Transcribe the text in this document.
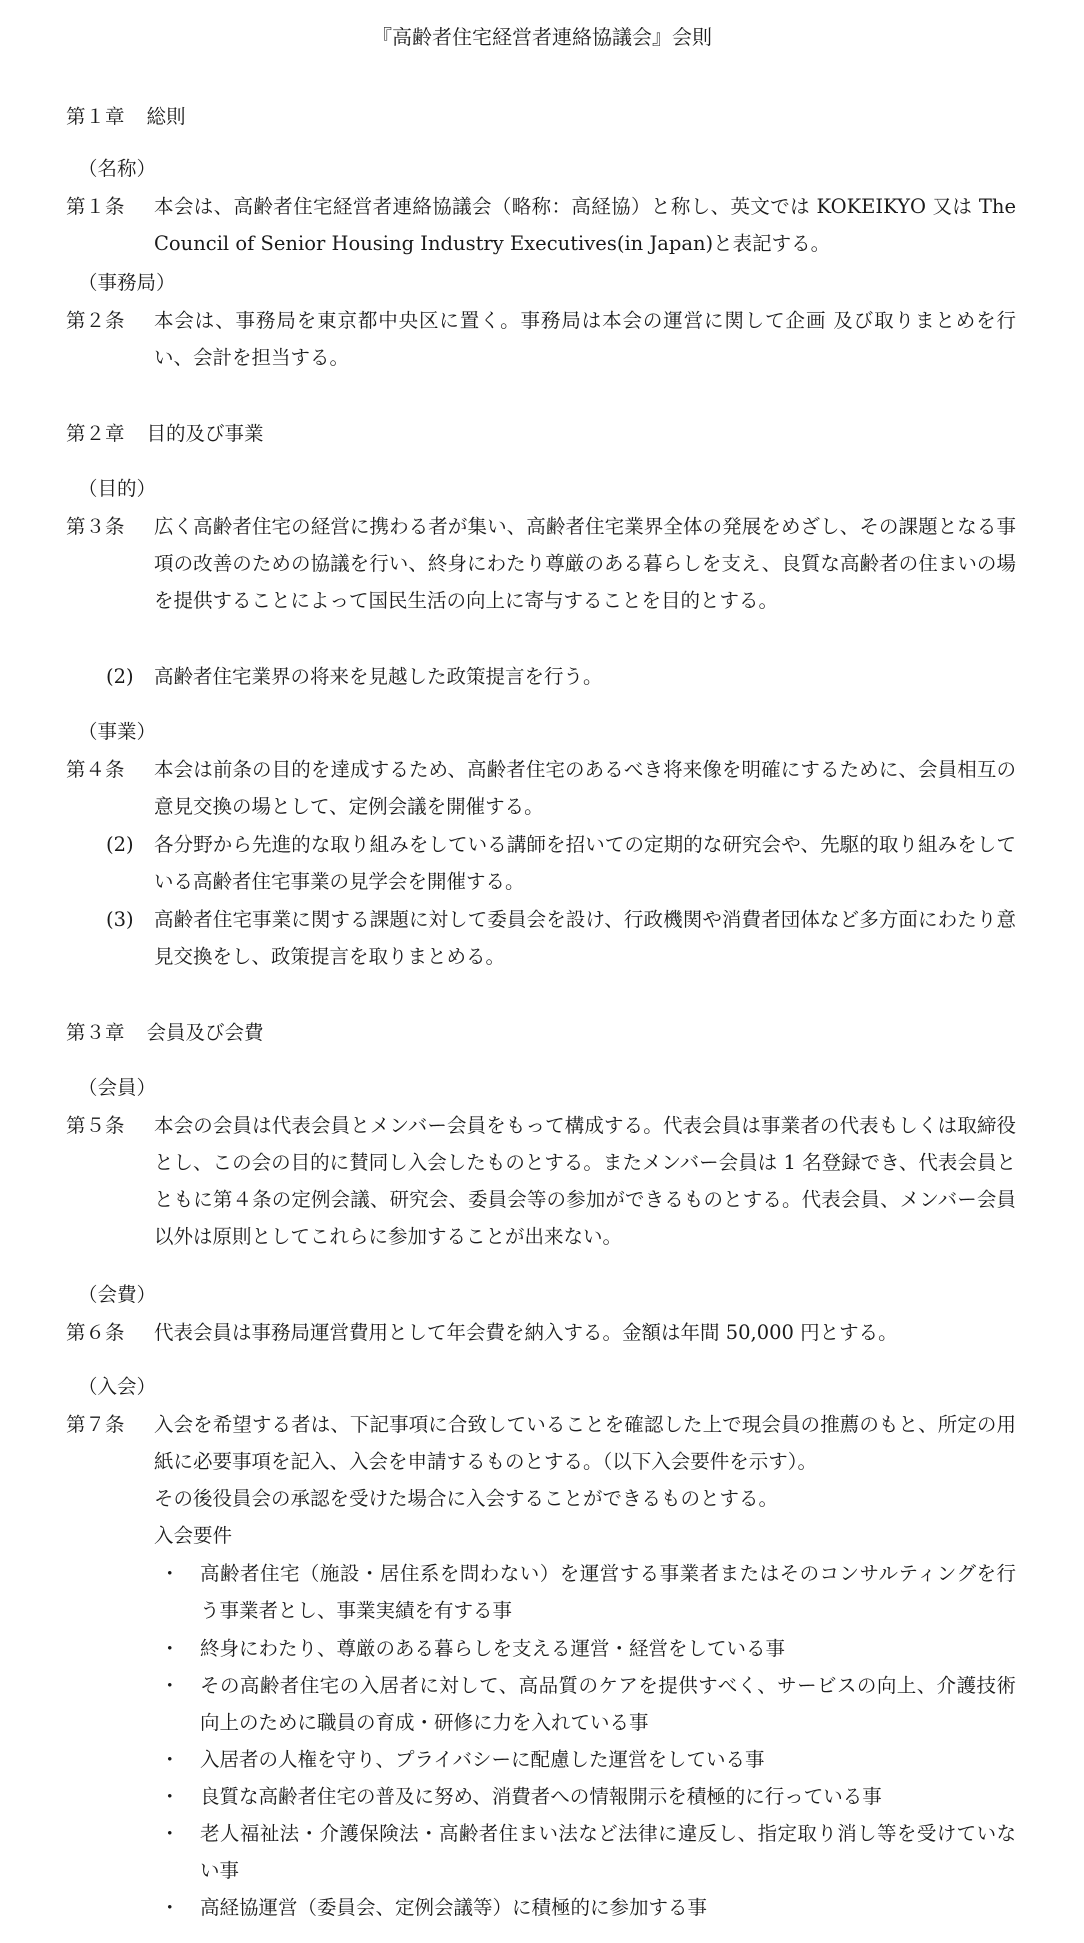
『高齢者住宅経営者連絡協議会』会則
第１章 総則
（名称）
第１条	本会は、高齢者住宅経営者連絡協議会（略称：高経協）と称し、英文では KOKEIKYO 又は The Council of Senior Housing Industry Executives(in Japan)と表記する。
（事務局）
第２条	本会は、事務局を東京都中央区に置く。事務局は本会の運営に関して企画 及び取りまとめを行い、会計を担当する。
第２章 目的及び事業
（目的）
第３条	広く高齢者住宅の経営に携わる者が集い、高齢者住宅業界全体の発展をめざし、その課題となる事項の改善のための協議を行い、終身にわたり尊厳のある暮らしを支え、良質な高齢者の住まいの場を提供することによって国民生活の向上に寄与することを目的とする。
(2) 高齢者住宅業界の将来を見越した政策提言を行う。
（事業）
第４条	本会は前条の目的を達成するため、高齢者住宅のあるべき将来像を明確にするために、会員相互の意見交換の場として、定例会議を開催する。
(2) 各分野から先進的な取り組みをしている講師を招いての定期的な研究会や、先駆的取り組みをしている高齢者住宅事業の見学会を開催する。
(3) 高齢者住宅事業に関する課題に対して委員会を設け、行政機関や消費者団体など多方面にわたり意見交換をし、政策提言を取りまとめる。
第３章 会員及び会費
（会員）
第５条	本会の会員は代表会員とメンバー会員をもって構成する。代表会員は事業者の代表もしくは取締役とし、この会の目的に賛同し入会したものとする。またメンバー会員は 1 名登録でき、代表会員とともに第４条の定例会議、研究会、委員会等の参加ができるものとする。代表会員、メンバー会員以外は原則としてこれらに参加することが出来ない。
（会費）
第６条	代表会員は事務局運営費用として年会費を納入する。金額は年間 50,000 円とする。
（入会）
第７条	入会を希望する者は、下記事項に合致していることを確認した上で現会員の推薦のもと、所定の用紙に必要事項を記入、入会を申請するものとする。（以下入会要件を示す）。
その後役員会の承認を受けた場合に入会することができるものとする。
入会要件
・ 高齢者住宅（施設・居住系を問わない）を運営する事業者またはそのコンサルティングを行う事業者とし、事業実績を有する事
・ 終身にわたり、尊厳のある暮らしを支える運営・経営をしている事
・ その高齢者住宅の入居者に対して、高品質のケアを提供すべく、サービスの向上、介護技術向上のために職員の育成・研修に力を入れている事
・ 入居者の人権を守り、プライバシーに配慮した運営をしている事
・ 良質な高齢者住宅の普及に努め、消費者への情報開示を積極的に行っている事
・ 老人福祉法・介護保険法・高齢者住まい法など法律に違反し、指定取り消し等を受けていない事
・ 高経協運営（委員会、定例会議等）に積極的に参加する事
